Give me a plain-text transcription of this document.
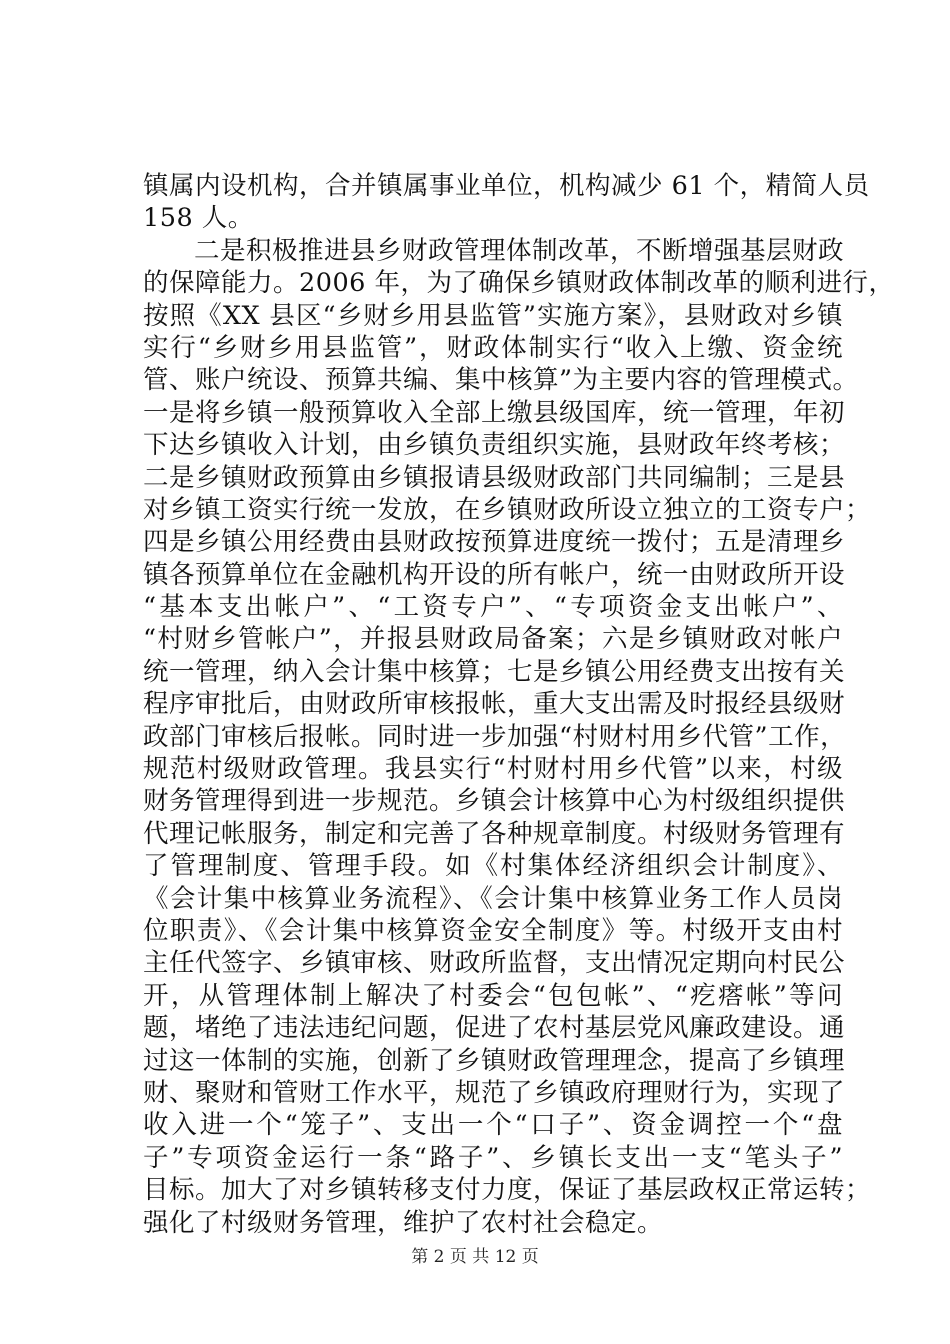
镇属内设机构，合并镇属事业单位，机构减少 61 个，精简人员
158 人。
二是积极推进县乡财政管理体制改革，不断增强基层财政
的保障能力。2006 年，为了确保乡镇财政体制改革的顺利进行，
按照《XX 县区“乡财乡用县监管”实施方案》，县财政对乡镇
实行“乡财乡用县监管”，财政体制实行“收入上缴、资金统
管、账户统设、预算共编、集中核算”为主要内容的管理模式。
一是将乡镇一般预算收入全部上缴县级国库，统一管理，年初
下达乡镇收入计划，由乡镇负责组织实施，县财政年终考核；
二是乡镇财政预算由乡镇报请县级财政部门共同编制；三是县
对乡镇工资实行统一发放，在乡镇财政所设立独立的工资专户；
四是乡镇公用经费由县财政按预算进度统一拨付；五是清理乡
镇各预算单位在金融机构开设的所有帐户，统一由财政所开设
“基本支出帐户”、“工资专户”、“专项资金支出帐户”、
“村财乡管帐户”，并报县财政局备案；六是乡镇财政对帐户
统一管理，纳入会计集中核算；七是乡镇公用经费支出按有关
程序审批后，由财政所审核报帐，重大支出需及时报经县级财
政部门审核后报帐。同时进一步加强“村财村用乡代管”工作，
规范村级财政管理。我县实行“村财村用乡代管”以来，村级
财务管理得到进一步规范。乡镇会计核算中心为村级组织提供
代理记帐服务，制定和完善了各种规章制度。村级财务管理有
了管理制度、管理手段。如《村集体经济组织会计制度》、
《会计集中核算业务流程》、《会计集中核算业务工作人员岗
位职责》、《会计集中核算资金安全制度》等。村级开支由村
主任代签字、乡镇审核、财政所监督，支出情况定期向村民公
开，从管理体制上解决了村委会“包包帐”、“疙瘩帐”等问
题，堵绝了违法违纪问题，促进了农村基层党风廉政建设。通
过这一体制的实施，创新了乡镇财政管理理念，提高了乡镇理
财、聚财和管财工作水平，规范了乡镇政府理财行为，实现了
收入进一个“笼子”、支出一个“口子”、资金调控一个“盘
子”专项资金运行一条“路子”、乡镇长支出一支“笔头子”
目标。加大了对乡镇转移支付力度，保证了基层政权正常运转；
强化了村级财务管理，维护了农村社会稳定。
第 2 页 共 12 页
